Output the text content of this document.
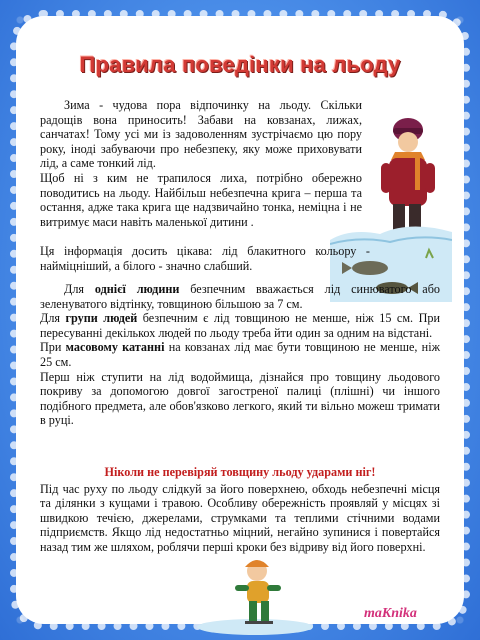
Правила поведінки на льоду

Зима - чудова пора відпочинку на льоду. Скільки радощів вона приносить! Забави на ковзанах, лижах, санчатах! Тому усі ми із задоволенням зустрічаємо цю пору року, іноді забуваючи про небезпеку, яку може приховувати лід, а саме тонкий лід.

Щоб ні з ким не трапилося лиха, потрібно обережно поводитись на льоду. Найбільш небезпечна крига – перша та остання, адже така крига ще надзвичайно тонка, неміцна і не витримує маси навіть маленької дитини .

Ця інформація досить цікава: лід блакитного кольору - найміцніший, а білого - значно слабший.

Для однієї людини безпечним вважається лід синюватого або зеленуватого відтінку, товщиною більшою за 7 см.

Для групи людей безпечним є лід товщиною не менше, ніж 15 см. При пересуванні декількох людей по льоду треба йти один за одним на відстані.

При масовому катанні на ковзанах лід має бути товщиною не менше, ніж 25 см.

Перш ніж ступити на лід водоймища, дізнайся про товщину льодового покриву за допомогою довгої загостреної палиці (плішні) чи іншого подібного предмета, але обов'язково легкого, який ти вільно можеш тримати в руці.

Ніколи не перевіряй товщину льоду ударами ніг!

Під час руху по льоду слідкуй за його поверхнею, обходь небезпечні місця та ділянки з кущами і травою. Особливу обережність проявляй у місцях зі швидкою течією, джерелами, струмками та теплими стічними водами підприємств. Якщо лід недостатньо міцний, негайно зупинися і повертайся назад тим же шляхом, роблячи перші кроки без відриву від його поверхні.

maKnika
